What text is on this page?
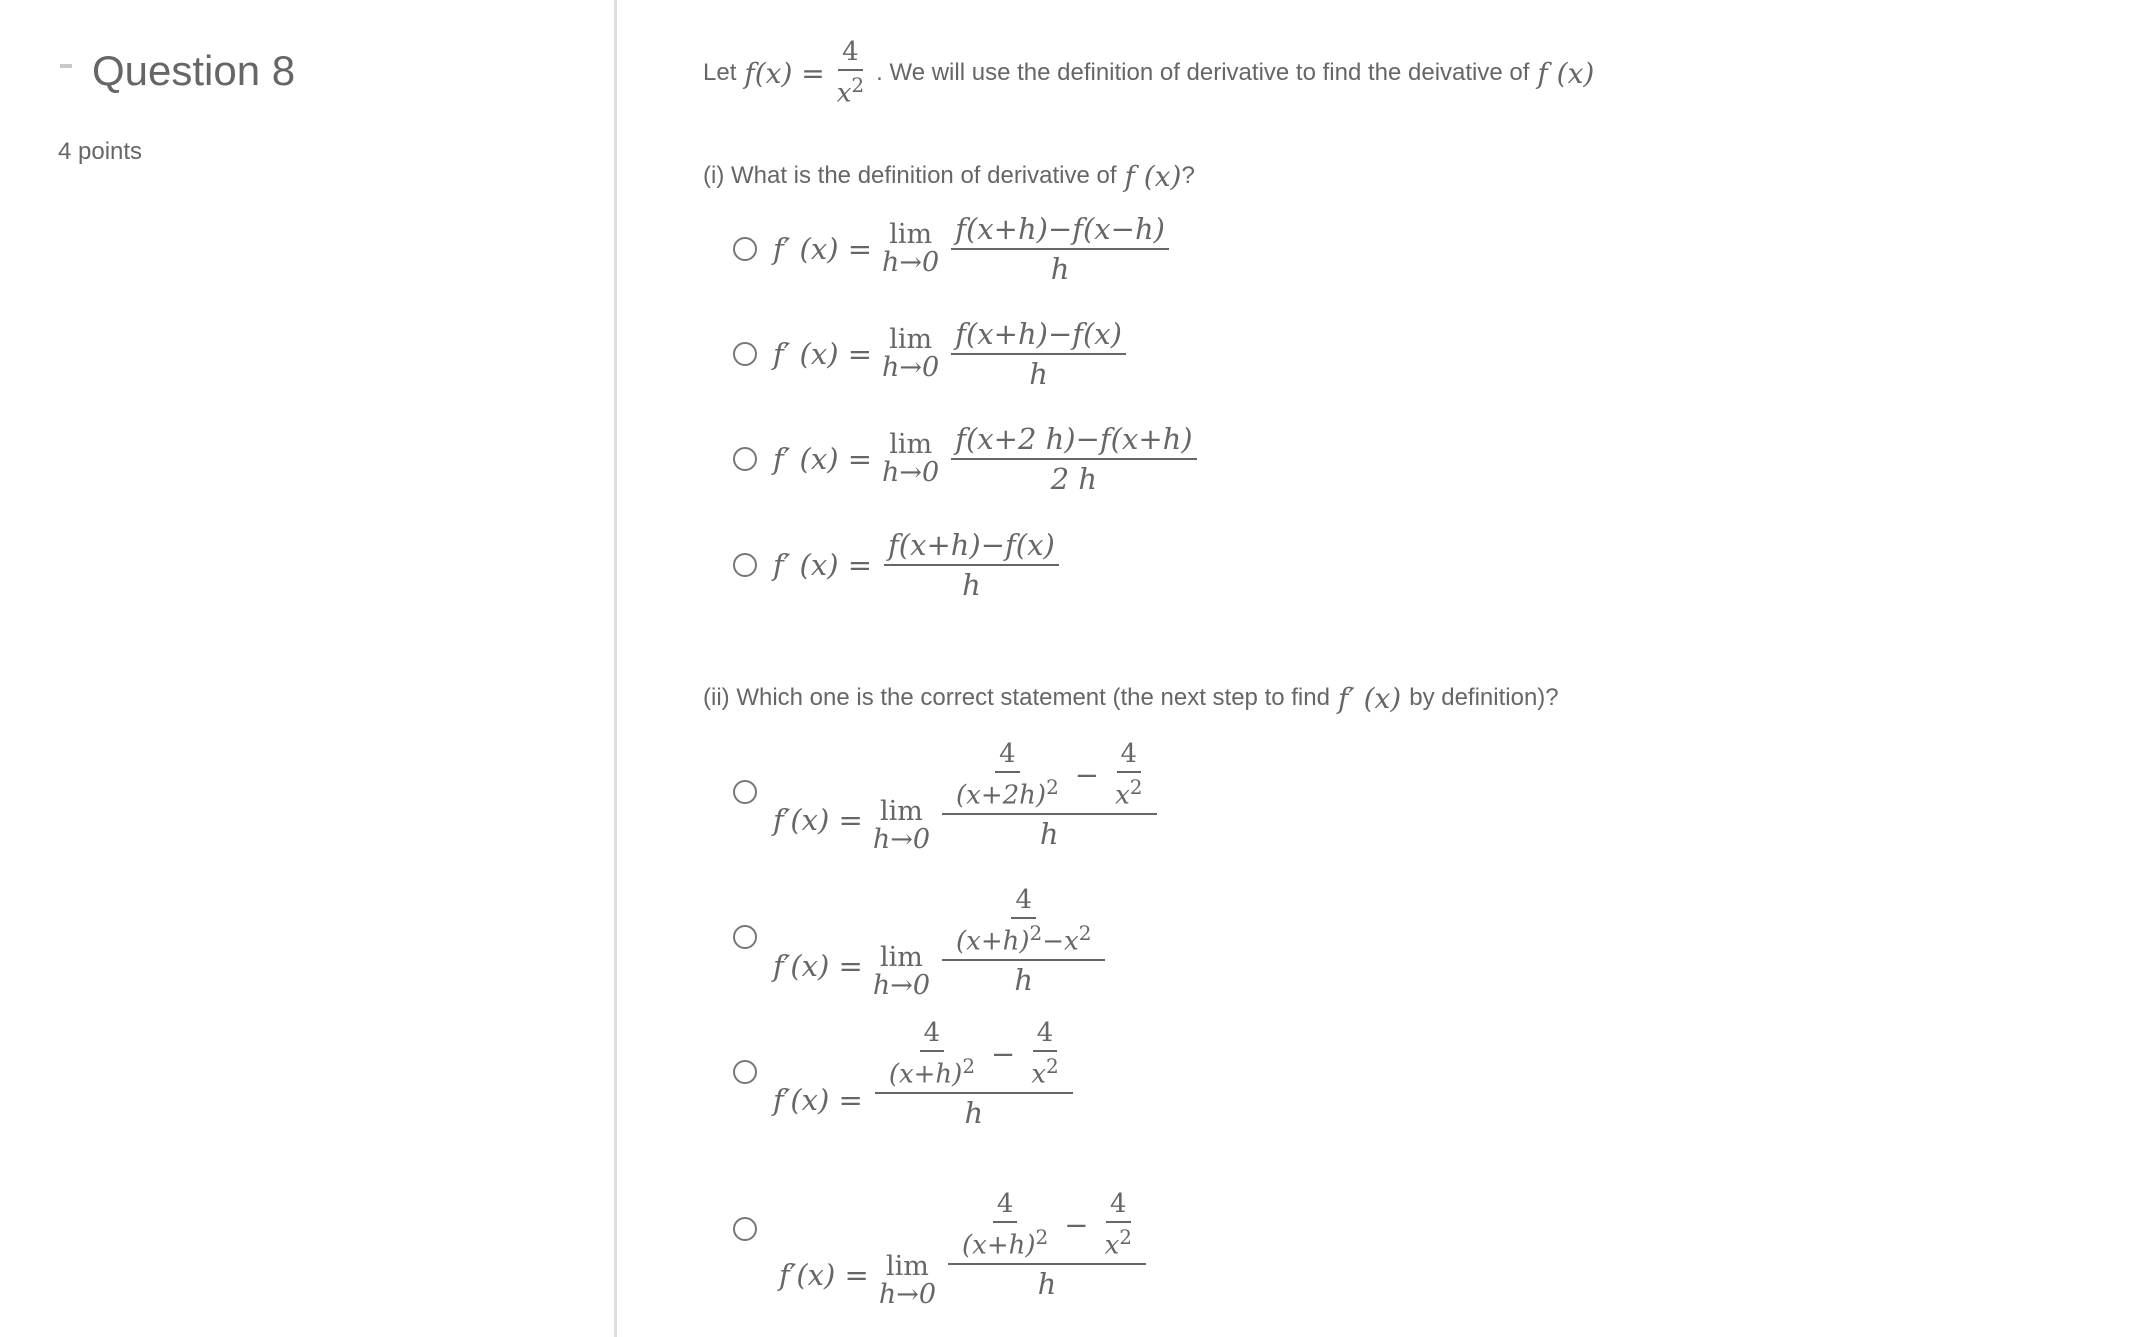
Question 8
4 points
Let $f(x) = \frac{4}{x^2}$ . We will use the definition of derivative to find the deivative of f (x)
(i) What is the definition of derivative of f (x) ?
f′ (x) = lim
$h\to 0 \frac{f(x+h)-f(x-h)}{h}$
f′ (x) = lim
$h\to 0 \frac{f(x+h)-f(x)}{h}$
f′ (x) = lim
$h\to 0 \frac{f(x+2 h)-f(x+h)}{2 h}$
f′ $(x) = \frac{f(x+h)-f(x)}{h}$
(ii) Which one is the correct statement (the next step to find f′ (x) by definition)?
f′(x) = lim
h→0
$\frac{4}{(x+2h)^2} - \frac{4}{x^2}$
h
f′(x) = lim
$h\to 0 \frac{\frac{4}{(x+h)^2-x^2}}{h}$
f′(x) =
$\frac{4}{(x+h)^2} - \frac{4}{x^2}$
h
f′(x) = lim
h→0
$\frac{4}{(x+h)^2} - \frac{4}{x^2}$
h
